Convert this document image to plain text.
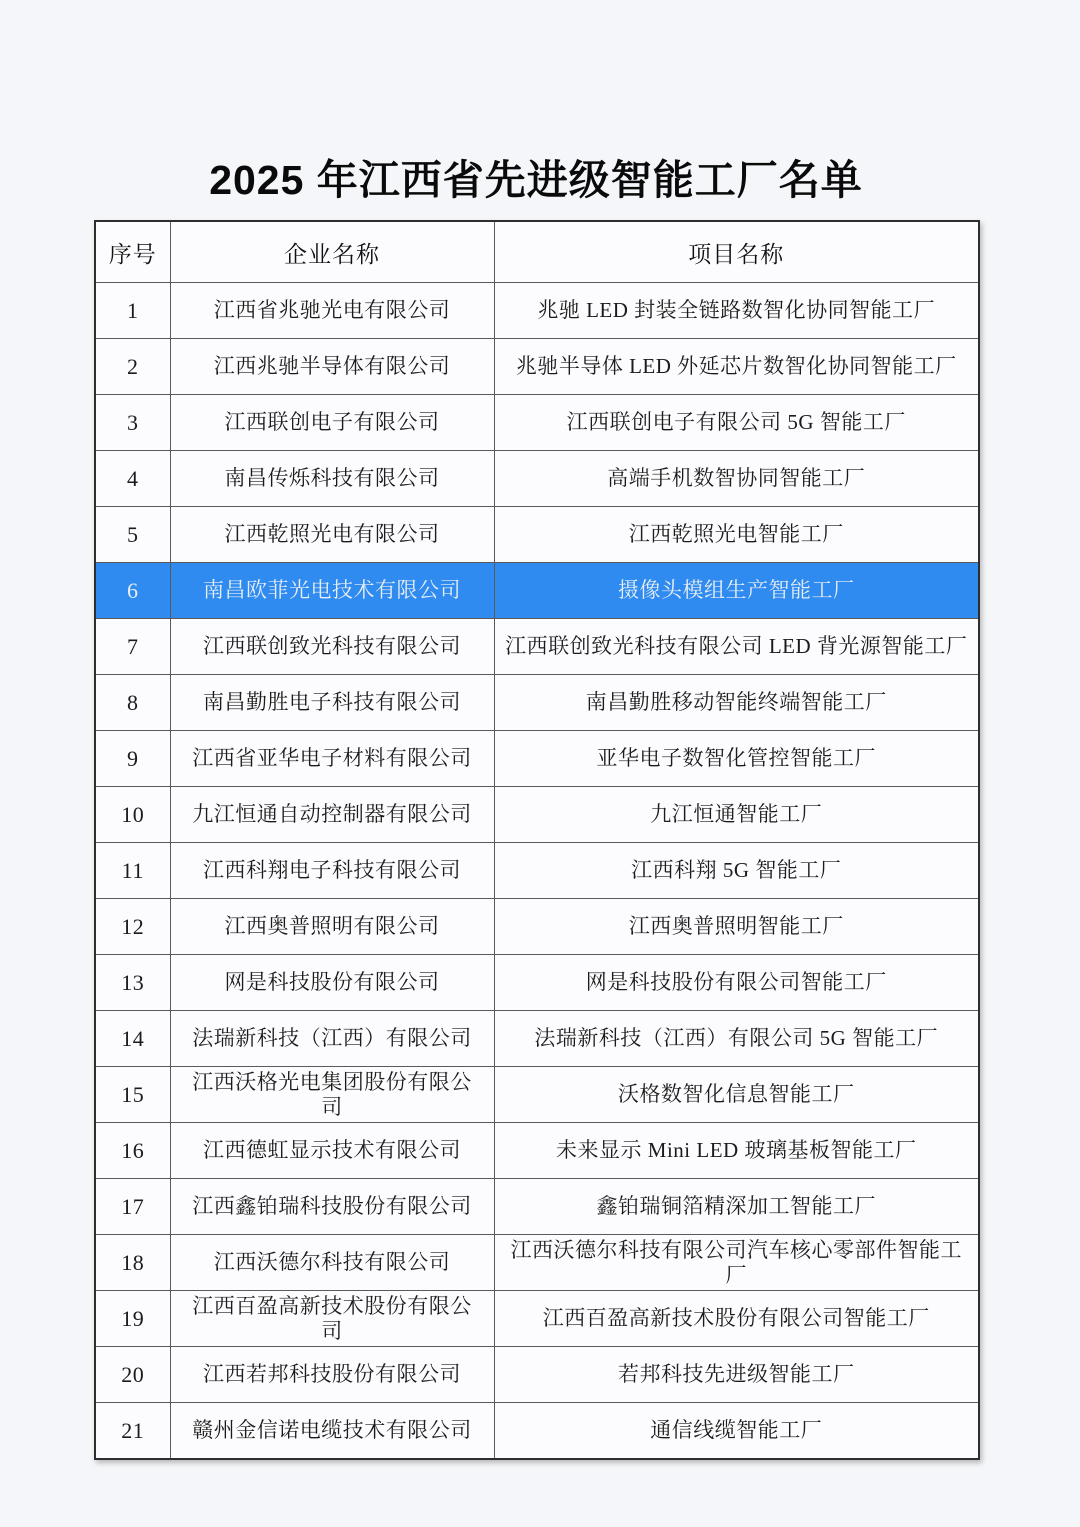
2025 年江西省先进级智能工厂名单
序号	企业名称	项目名称
1	江西省兆驰光电有限公司	兆驰 LED 封装全链路数智化协同智能工厂
2	江西兆驰半导体有限公司	兆驰半导体 LED 外延芯片数智化协同智能工厂
3	江西联创电子有限公司	江西联创电子有限公司 5G 智能工厂
4	南昌传烁科技有限公司	高端手机数智协同智能工厂
5	江西乾照光电有限公司	江西乾照光电智能工厂
6	南昌欧菲光电技术有限公司	摄像头模组生产智能工厂
7	江西联创致光科技有限公司	江西联创致光科技有限公司 LED 背光源智能工厂
8	南昌勤胜电子科技有限公司	南昌勤胜移动智能终端智能工厂
9	江西省亚华电子材料有限公司	亚华电子数智化管控智能工厂
10	九江恒通自动控制器有限公司	九江恒通智能工厂
11	江西科翔电子科技有限公司	江西科翔 5G 智能工厂
12	江西奥普照明有限公司	江西奥普照明智能工厂
13	网是科技股份有限公司	网是科技股份有限公司智能工厂
14	法瑞新科技（江西）有限公司	法瑞新科技（江西）有限公司 5G 智能工厂
15	江西沃格光电集团股份有限公司	沃格数智化信息智能工厂
16	江西德虹显示技术有限公司	未来显示 Mini LED 玻璃基板智能工厂
17	江西鑫铂瑞科技股份有限公司	鑫铂瑞铜箔精深加工智能工厂
18	江西沃德尔科技有限公司	江西沃德尔科技有限公司汽车核心零部件智能工厂
19	江西百盈高新技术股份有限公司	江西百盈高新技术股份有限公司智能工厂
20	江西若邦科技股份有限公司	若邦科技先进级智能工厂
21	赣州金信诺电缆技术有限公司	通信线缆智能工厂
